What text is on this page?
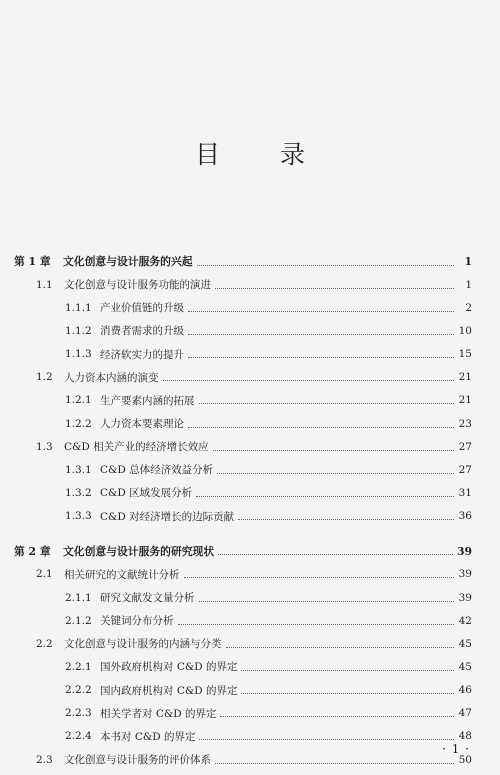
目 录
第 1 章	文化创意与设计服务的兴起	1
1.1	文化创意与设计服务功能的演进	1
1.1.1 产业价值链的升级	2
1.1.2 消费者需求的升级	10
1.1.3 经济软实力的提升	15
1.2	人力资本内涵的演变	21
1.2.1 生产要素内涵的拓展	21
1.2.2 人力资本要素理论	23
1.3	C&D 相关产业的经济增长效应	27
1.3.1 C&D 总体经济效益分析	27
1.3.2 C&D 区域发展分析	31
1.3.3 C&D 对经济增长的边际贡献	36
第 2 章	文化创意与设计服务的研究现状	39
2.1	相关研究的文献统计分析	39
2.1.1 研究文献发文量分析	39
2.1.2 关键词分布分析	42
2.2	文化创意与设计服务的内涵与分类	45
2.2.1 国外政府机构对 C&D 的界定	45
2.2.2 国内政府机构对 C&D 的界定	46
2.2.3 相关学者对 C&D 的界定	47
2.2.4 本书对 C&D 的界定	48
2.3	文化创意与设计服务的评价体系	50
· 1 ·
